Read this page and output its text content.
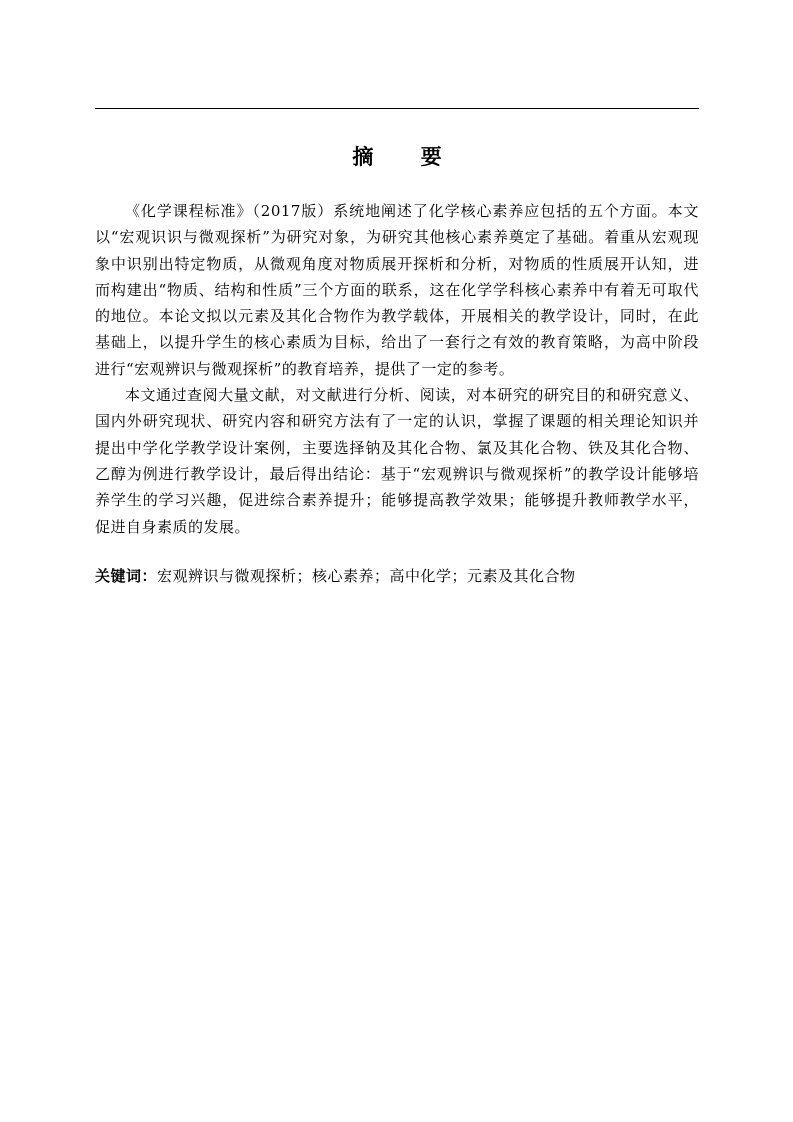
摘 要

《化学课程标准》（2017版）系统地阐述了化学核心素养应包括的五个方面。本文以“宏观识识与微观探析”为研究对象，为研究其他核心素养奠定了基础。着重从宏观现象中识别出特定物质，从微观角度对物质展开探析和分析，对物质的性质展开认知，进而构建出“物质、结构和性质”三个方面的联系，这在化学学科核心素养中有着无可取代的地位。本论文拟以元素及其化合物作为教学载体，开展相关的教学设计，同时，在此基础上，以提升学生的核心素质为目标，给出了一套行之有效的教育策略，为高中阶段进行“宏观辨识与微观探析”的教育培养，提供了一定的参考。

本文通过查阅大量文献，对文献进行分析、阅读，对本研究的研究目的和研究意义、国内外研究现状、研究内容和研究方法有了一定的认识，掌握了课题的相关理论知识并提出中学化学教学设计案例，主要选择钠及其化合物、氯及其化合物、铁及其化合物、乙醇为例进行教学设计，最后得出结论：基于“宏观辨识与微观探析”的教学设计能够培养学生的学习兴趣，促进综合素养提升；能够提高教学效果；能够提升教师教学水平，促进自身素质的发展。

关键词：宏观辨识与微观探析；核心素养；高中化学；元素及其化合物
